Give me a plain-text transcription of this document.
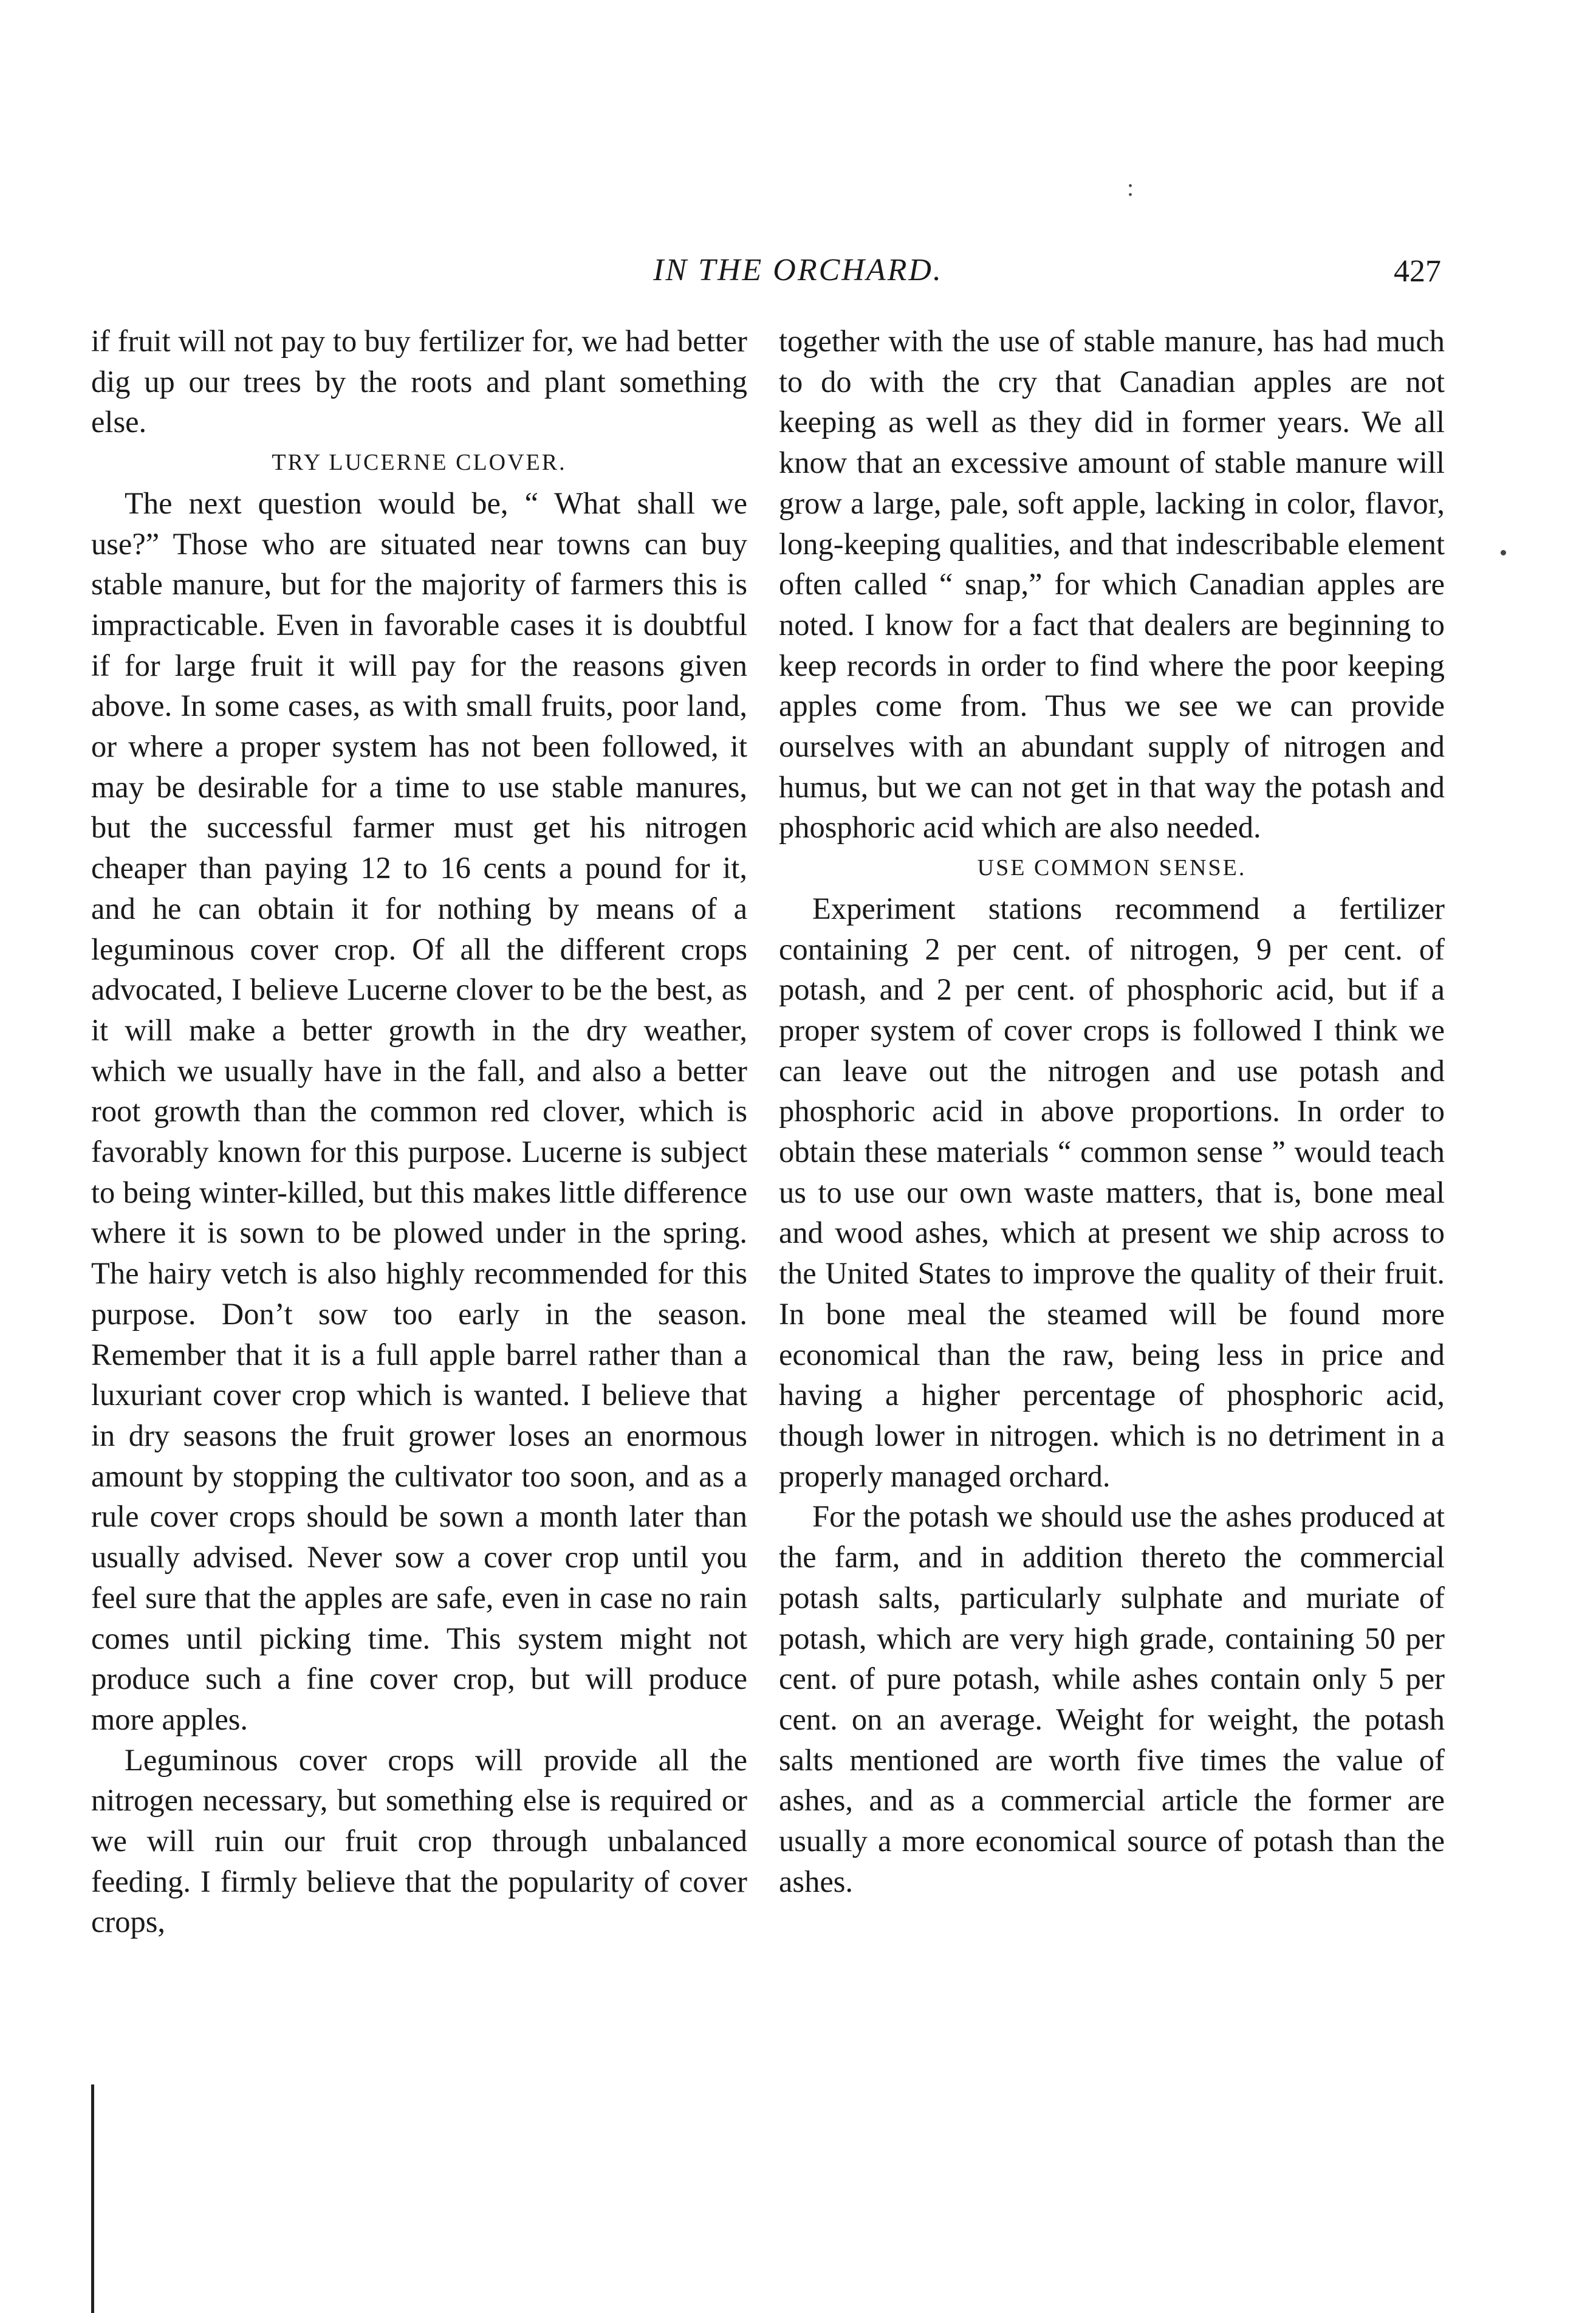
:
IN THE ORCHARD.	427

if fruit will not pay to buy fertilizer for, we had better dig up our trees by the roots and plant something else.

TRY LUCERNE CLOVER.

The next question would be, “ What shall we use?” Those who are situated near towns can buy stable manure, but for the majority of farmers this is impracticable. Even in favorable cases it is doubtful if for large fruit it will pay for the reasons given above. In some cases, as with small fruits, poor land, or where a proper system has not been followed, it may be desirable for a time to use stable manures, but the successful farmer must get his nitrogen cheaper than paying 12 to 16 cents a pound for it, and he can obtain it for nothing by means of a leguminous cover crop. Of all the different crops advocated, I believe Lucerne clover to be the best, as it will make a better growth in the dry weather, which we usually have in the fall, and also a better root growth than the common red clover, which is favorably known for this purpose. Lucerne is subject to being winter-killed, but this makes little difference where it is sown to be plowed under in the spring. The hairy vetch is also highly recommended for this purpose. Don’t sow too early in the season. Remember that it is a full apple barrel rather than a luxuriant cover crop which is wanted. I believe that in dry seasons the fruit grower loses an enormous amount by stopping the cultivator too soon, and as a rule cover crops should be sown a month later than usually advised. Never sow a cover crop until you feel sure that the apples are safe, even in case no rain comes until picking time. This system might not produce such a fine cover crop, but will produce more apples.

Leguminous cover crops will provide all the nitrogen necessary, but something else is required or we will ruin our fruit crop through unbalanced feeding. I firmly believe that the popularity of cover crops,

together with the use of stable manure, has had much to do with the cry that Canadian apples are not keeping as well as they did in former years. We all know that an excessive amount of stable manure will grow a large, pale, soft apple, lacking in color, flavor, long-keeping qualities, and that indescribable element often called “ snap,” for which Canadian apples are noted. I know for a fact that dealers are beginning to keep records in order to find where the poor keeping apples come from. Thus we see we can provide ourselves with an abundant supply of nitrogen and humus, but we can not get in that way the potash and phosphoric acid which are also needed.

USE COMMON SENSE.

Experiment stations recommend a fertilizer containing 2 per cent. of nitrogen, 9 per cent. of potash, and 2 per cent. of phosphoric acid, but if a proper system of cover crops is followed I think we can leave out the nitrogen and use potash and phosphoric acid in above proportions. In order to obtain these materials “ common sense ” would teach us to use our own waste matters, that is, bone meal and wood ashes, which at present we ship across to the United States to improve the quality of their fruit. In bone meal the steamed will be found more economical than the raw, being less in price and having a higher percentage of phosphoric acid, though lower in nitrogen. which is no detriment in a properly managed orchard.

For the potash we should use the ashes produced at the farm, and in addition thereto the commercial potash salts, particularly sulphate and muriate of potash, which are very high grade, containing 50 per cent. of pure potash, while ashes contain only 5 per cent. on an average. Weight for weight, the potash salts mentioned are worth five times the value of ashes, and as a commercial article the former are usually a more economical source of potash than the ashes.
